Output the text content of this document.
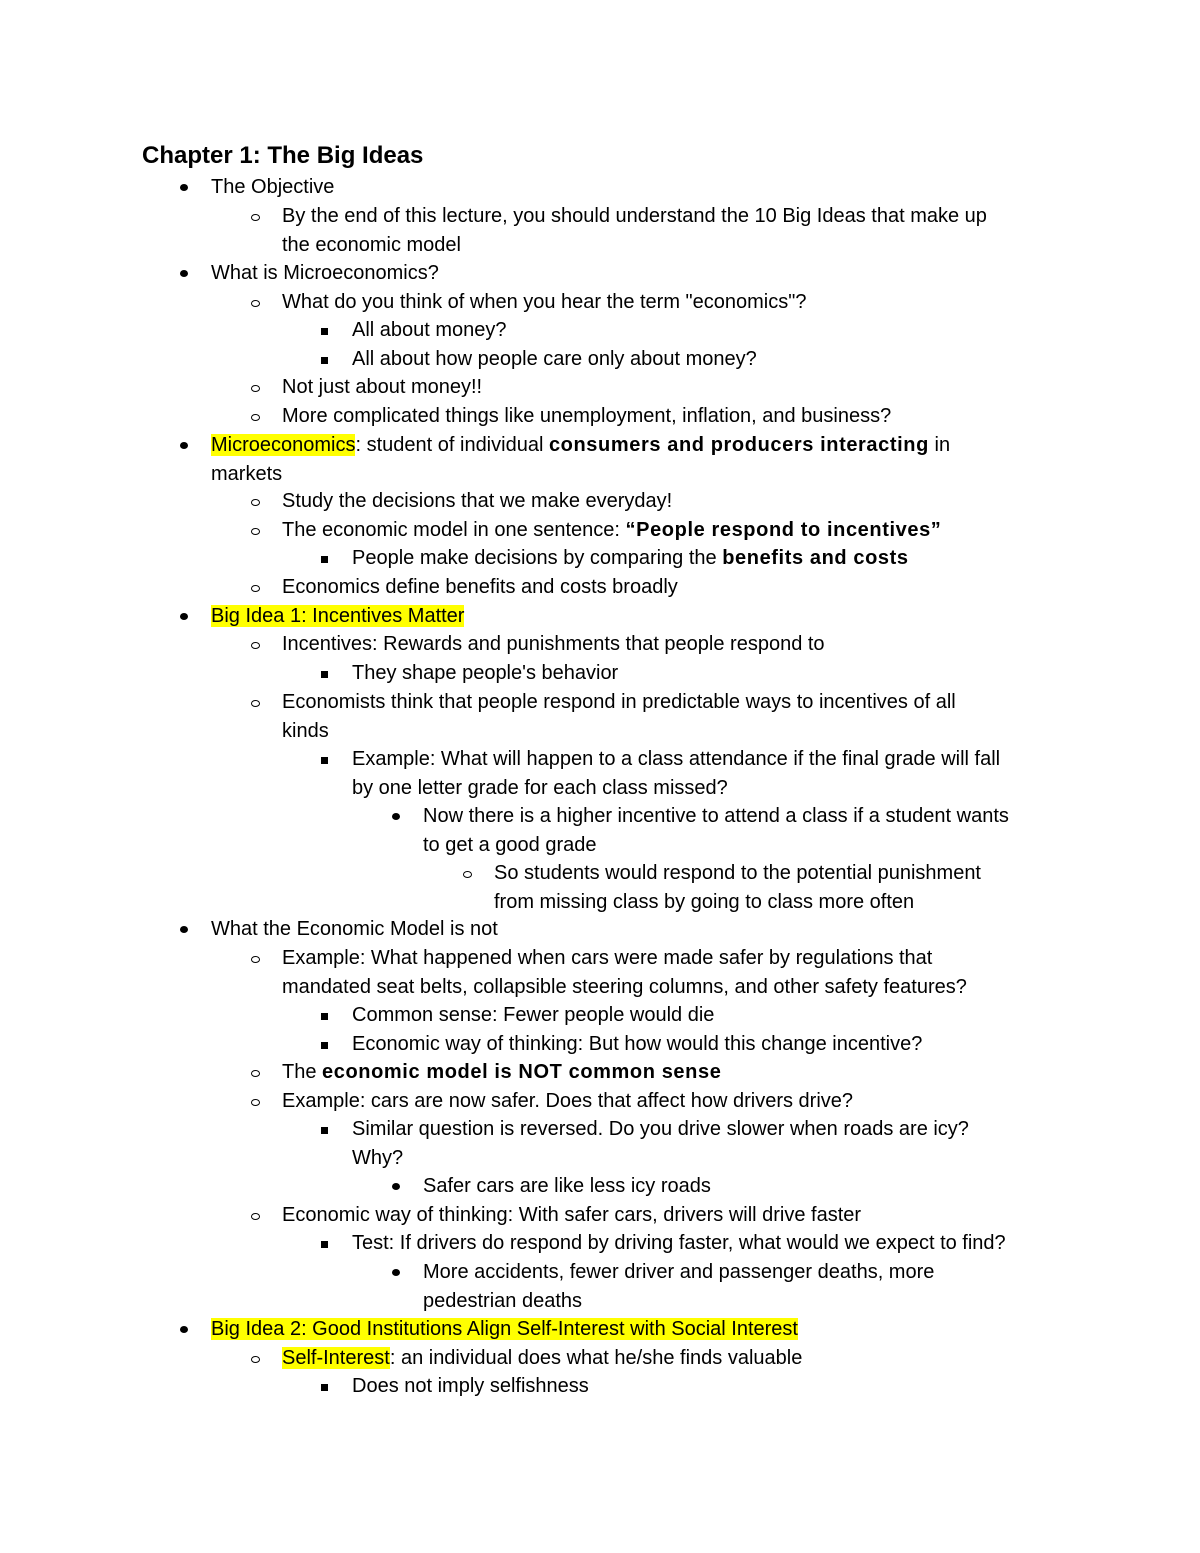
Chapter 1: The Big Ideas
The Objective
By the end of this lecture, you should understand the 10 Big Ideas that make up
the economic model
What is Microeconomics?
What do you think of when you hear the term "economics"?
All about money?
All about how people care only about money?
Not just about money!!
More complicated things like unemployment, inflation, and business?
Microeconomics: student of individual consumers and producers interacting in
markets
Study the decisions that we make everyday!
The economic model in one sentence: “People respond to incentives”
People make decisions by comparing the benefits and costs
Economics define benefits and costs broadly
Big Idea 1: Incentives Matter
Incentives: Rewards and punishments that people respond to
They shape people's behavior
Economists think that people respond in predictable ways to incentives of all
kinds
Example: What will happen to a class attendance if the final grade will fall
by one letter grade for each class missed?
Now there is a higher incentive to attend a class if a student wants
to get a good grade
So students would respond to the potential punishment
from missing class by going to class more often
What the Economic Model is not
Example: What happened when cars were made safer by regulations that
mandated seat belts, collapsible steering columns, and other safety features?
Common sense: Fewer people would die
Economic way of thinking: But how would this change incentive?
The economic model is NOT common sense
Example: cars are now safer. Does that affect how drivers drive?
Similar question is reversed. Do you drive slower when roads are icy?
Why?
Safer cars are like less icy roads
Economic way of thinking: With safer cars, drivers will drive faster
Test: If drivers do respond by driving faster, what would we expect to find?
More accidents, fewer driver and passenger deaths, more
pedestrian deaths
Big Idea 2: Good Institutions Align Self-Interest with Social Interest
Self-Interest: an individual does what he/she finds valuable
Does not imply selfishness
